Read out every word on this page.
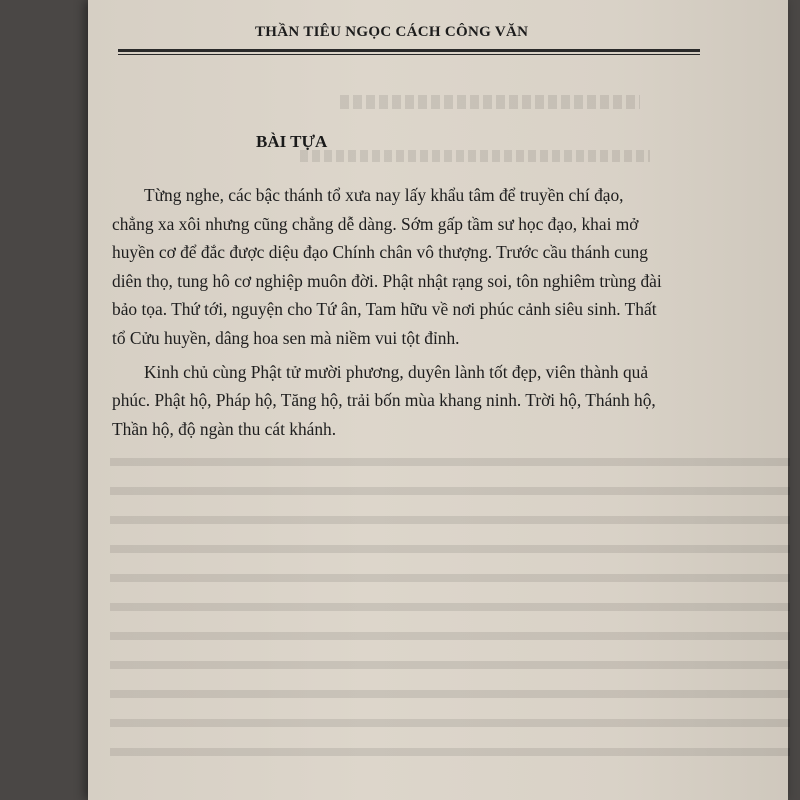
THẦN TIÊU NGỌC CÁCH CÔNG VĂN
BÀI TỰA
Từng nghe, các bậc thánh tổ xưa nay lấy khẩu tâm để truyền chí đạo,
chẳng xa xôi nhưng cũng chẳng dễ dàng. Sớm gấp tầm sư học đạo, khai mở
huyền cơ để đắc được diệu đạo Chính chân vô thượng. Trước cầu thánh cung
diên thọ, tung hô cơ nghiệp muôn đời. Phật nhật rạng soi, tôn nghiêm trùng đài
bảo tọa. Thứ tới, nguyện cho Tứ ân, Tam hữu về nơi phúc cảnh siêu sinh. Thất
tổ Cửu huyền, dâng hoa sen mà niềm vui tột đỉnh.
Kinh chủ cùng Phật tử mười phương, duyên lành tốt đẹp, viên thành quả
phúc. Phật hộ, Pháp hộ, Tăng hộ, trải bốn mùa khang ninh. Trời hộ, Thánh hộ,
Thần hộ, độ ngàn thu cát khánh.
